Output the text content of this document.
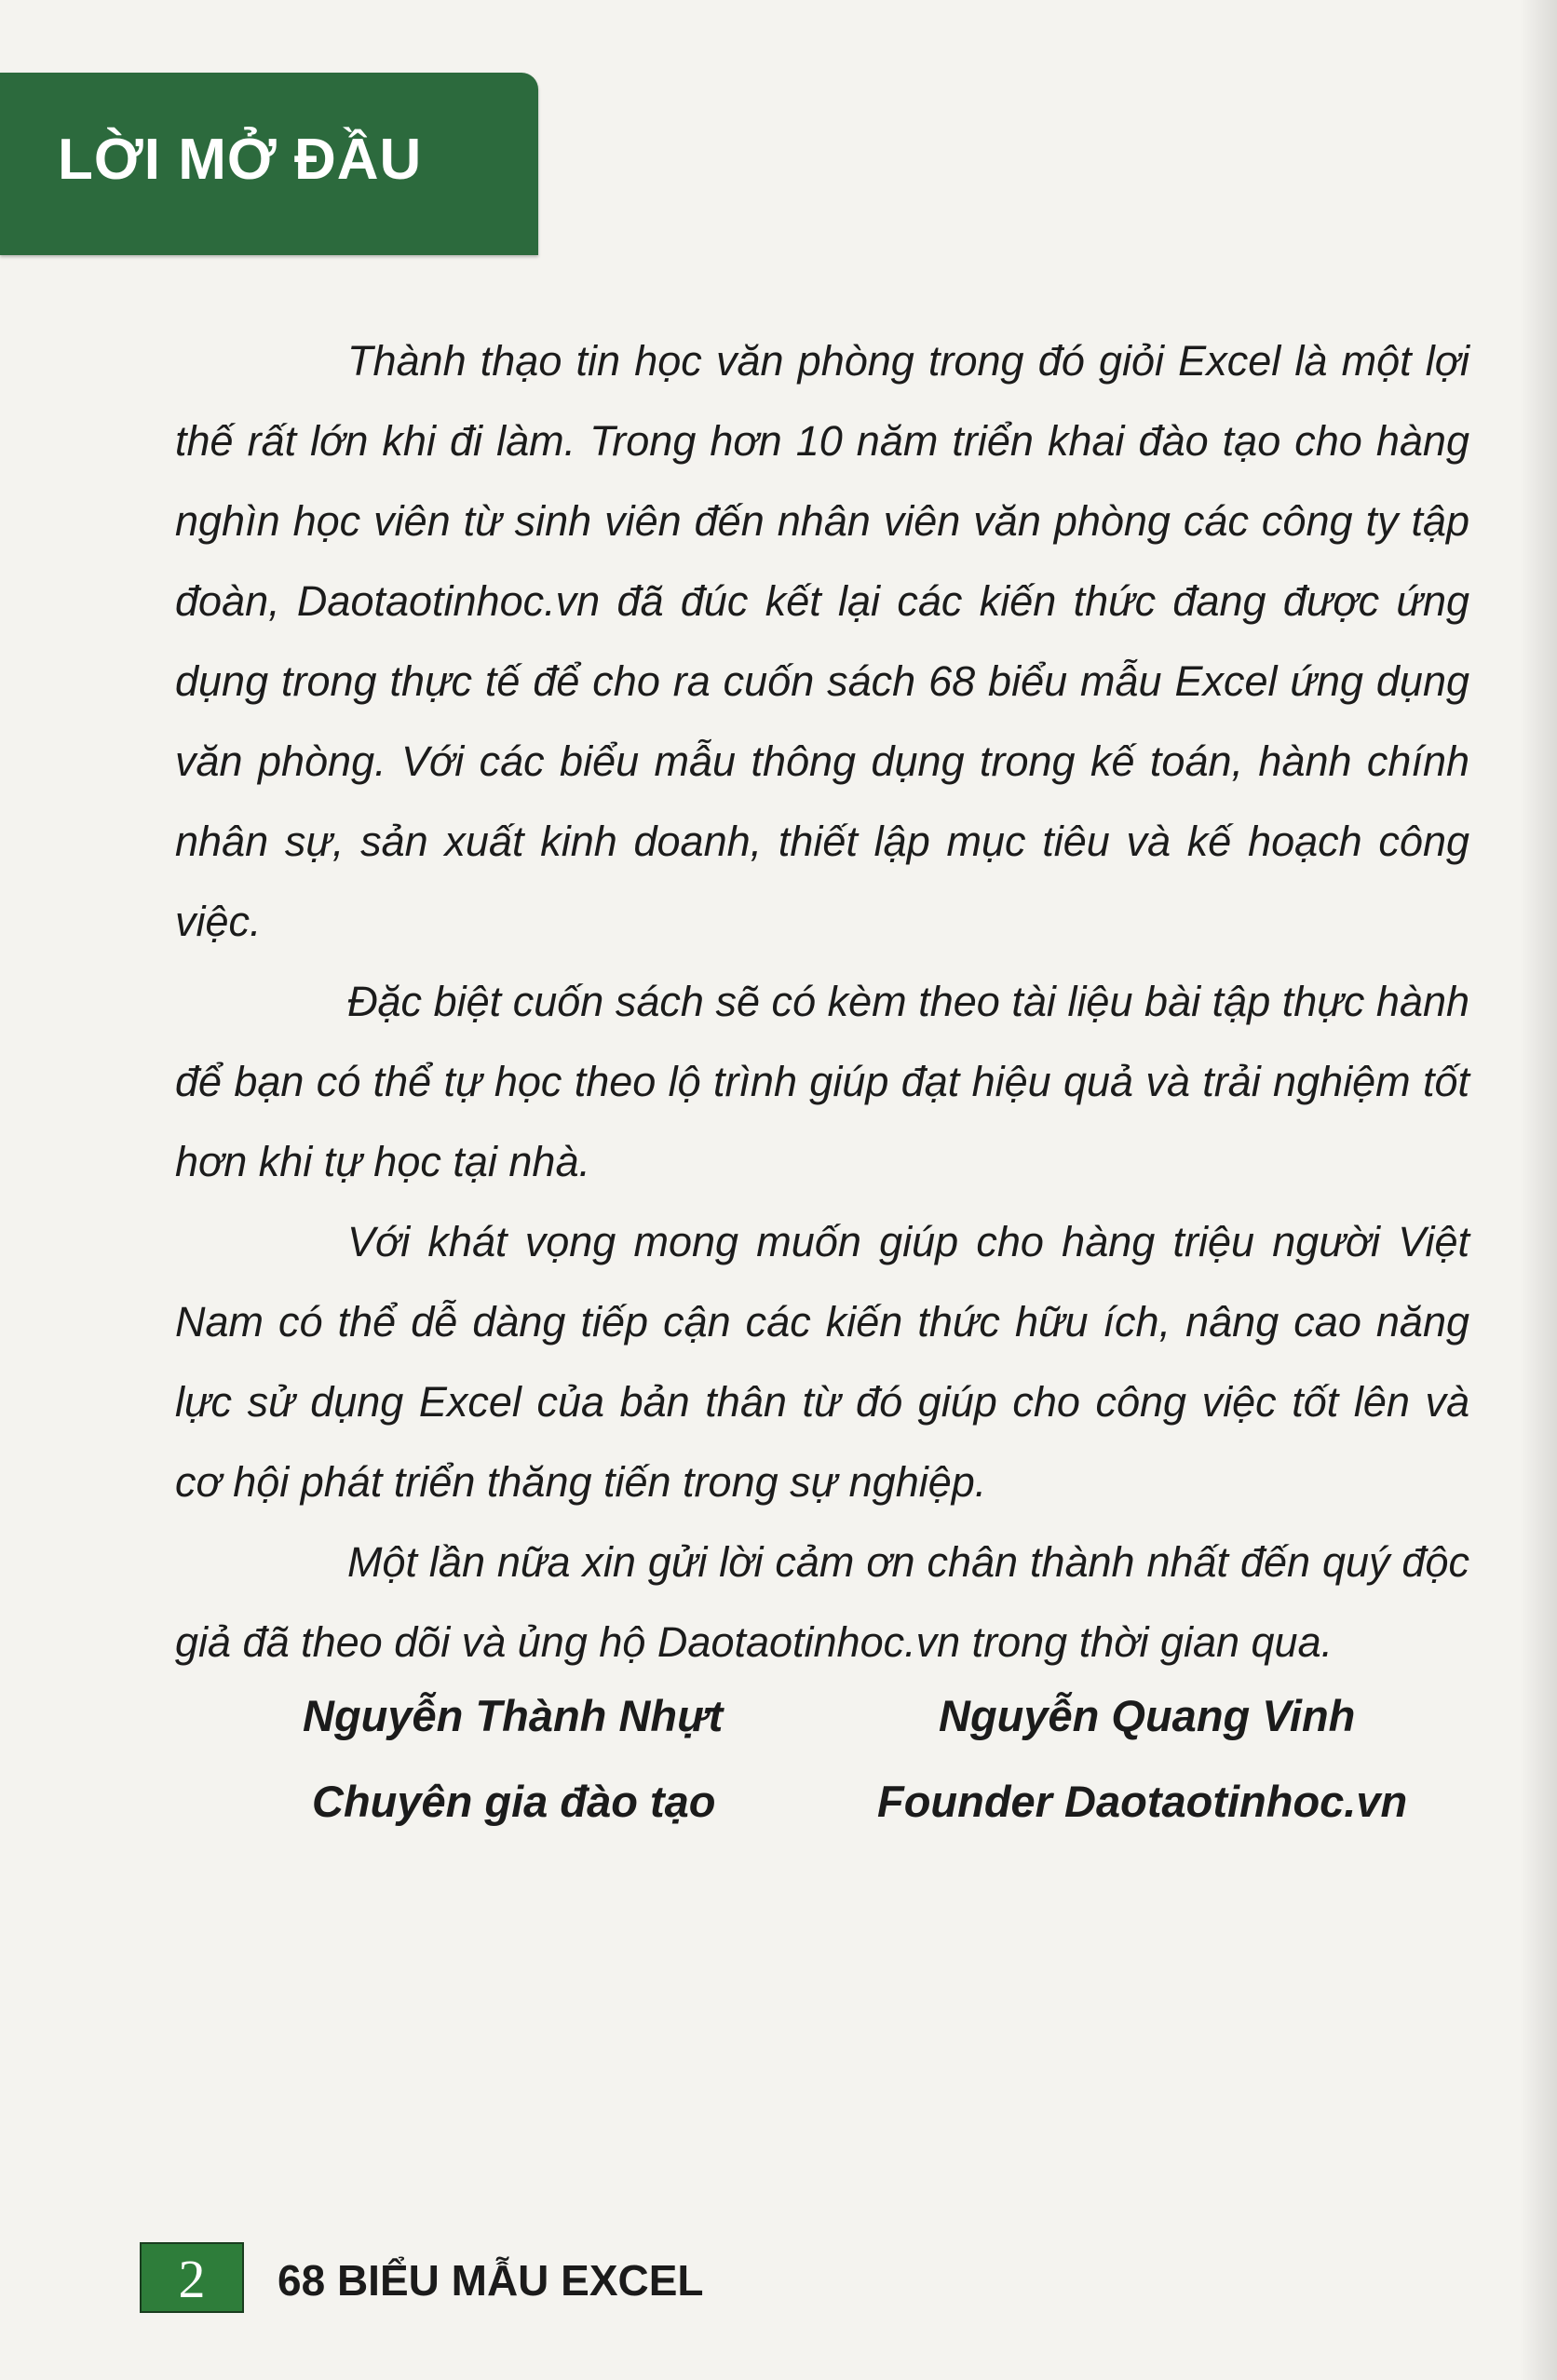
LỜI MỞ ĐẦU

Thành thạo tin học văn phòng trong đó giỏi Excel là một lợi thế rất lớn khi đi làm. Trong hơn 10 năm triển khai đào tạo cho hàng nghìn học viên từ sinh viên đến nhân viên văn phòng các công ty tập đoàn, Daotaotinhoc.vn đã đúc kết lại các kiến thức đang được ứng dụng trong thực tế để cho ra cuốn sách 68 biểu mẫu Excel ứng dụng văn phòng. Với các biểu mẫu thông dụng trong kế toán, hành chính nhân sự, sản xuất kinh doanh, thiết lập mục tiêu và kế hoạch công việc.

Đặc biệt cuốn sách sẽ có kèm theo tài liệu bài tập thực hành để bạn có thể tự học theo lộ trình giúp đạt hiệu quả và trải nghiệm tốt hơn khi tự học tại nhà.

Với khát vọng mong muốn giúp cho hàng triệu người Việt Nam có thể dễ dàng tiếp cận các kiến thức hữu ích, nâng cao năng lực sử dụng Excel của bản thân từ đó giúp cho công việc tốt lên và cơ hội phát triển thăng tiến trong sự nghiệp.

Một lần nữa xin gửi lời cảm ơn chân thành nhất đến quý độc giả đã theo dõi và ủng hộ Daotaotinhoc.vn trong thời gian qua.

Nguyễn Thành Nhựt
Chuyên gia đào tạo
Nguyễn Quang Vinh
Founder Daotaotinhoc.vn
2	68 BIỂU MẪU EXCEL
